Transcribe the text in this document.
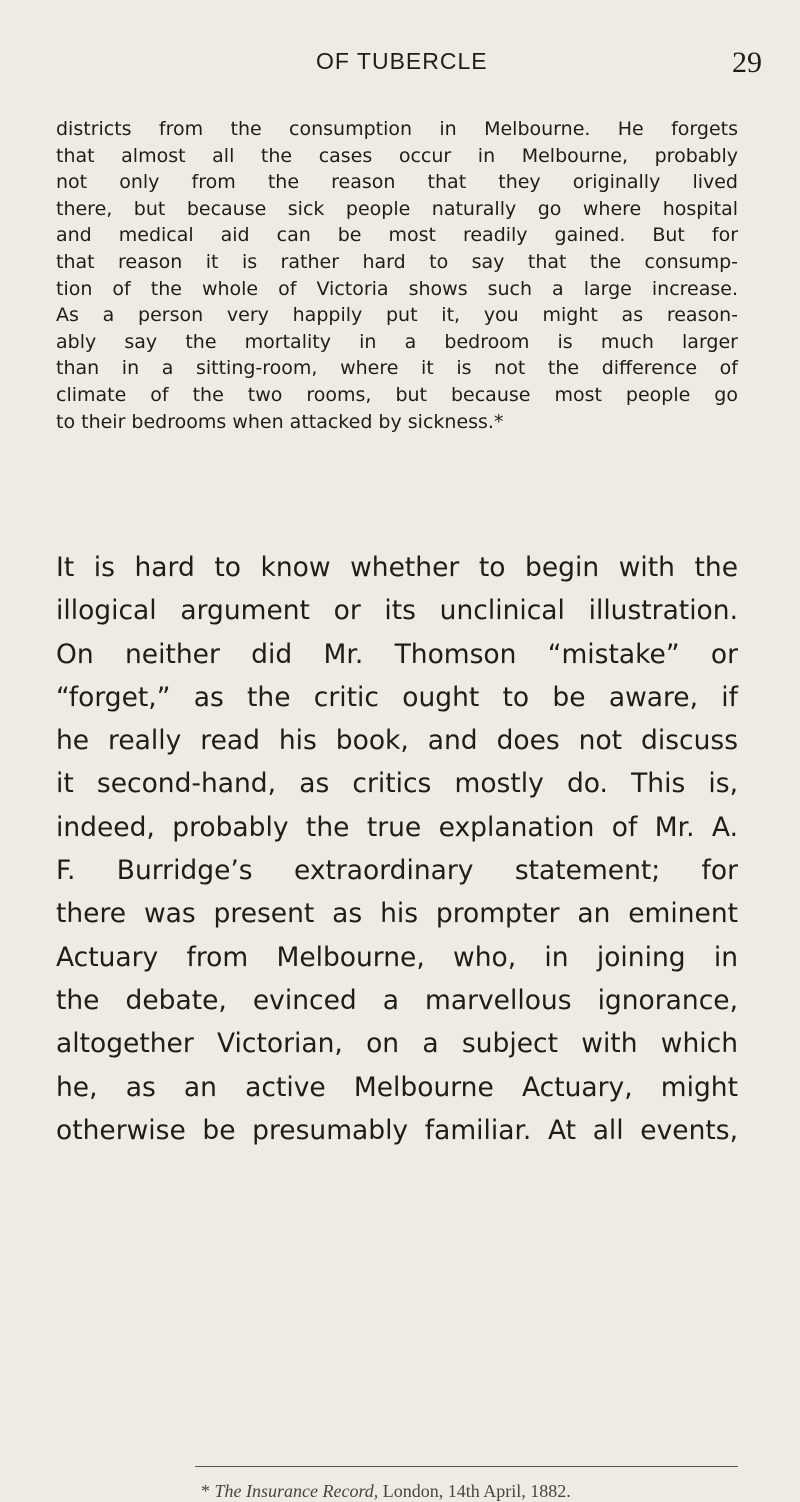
OF TUBERCLE	29
districts from the consumption in Melbourne. He forgets
that almost all the cases occur in Melbourne, probably
not only from the reason that they originally lived
there, but because sick people naturally go where hospital
and medical aid can be most readily gained. But for
that reason it is rather hard to say that the consump-
tion of the whole of Victoria shows such a large increase.
As a person very happily put it, you might as reason-
ably say the mortality in a bedroom is much larger
than in a sitting-room, where it is not the difference of
climate of the two rooms, but because most people go
to their bedrooms when attacked by sickness.*
It is hard to know whether to begin with the
illogical argument or its unclinical illustration.
On neither did Mr. Thomson “mistake” or
“forget,” as the critic ought to be aware, if
he really read his book, and does not discuss
it second-hand, as critics mostly do. This is,
indeed, probably the true explanation of Mr. A.
F. Burridge’s extraordinary statement; for
there was present as his prompter an eminent
Actuary from Melbourne, who, in joining in
the debate, evinced a marvellous ignorance,
altogether Victorian, on a subject with which
he, as an active Melbourne Actuary, might
otherwise be presumably familiar. At all events,
* The Insurance Record, London, 14th April, 1882.
